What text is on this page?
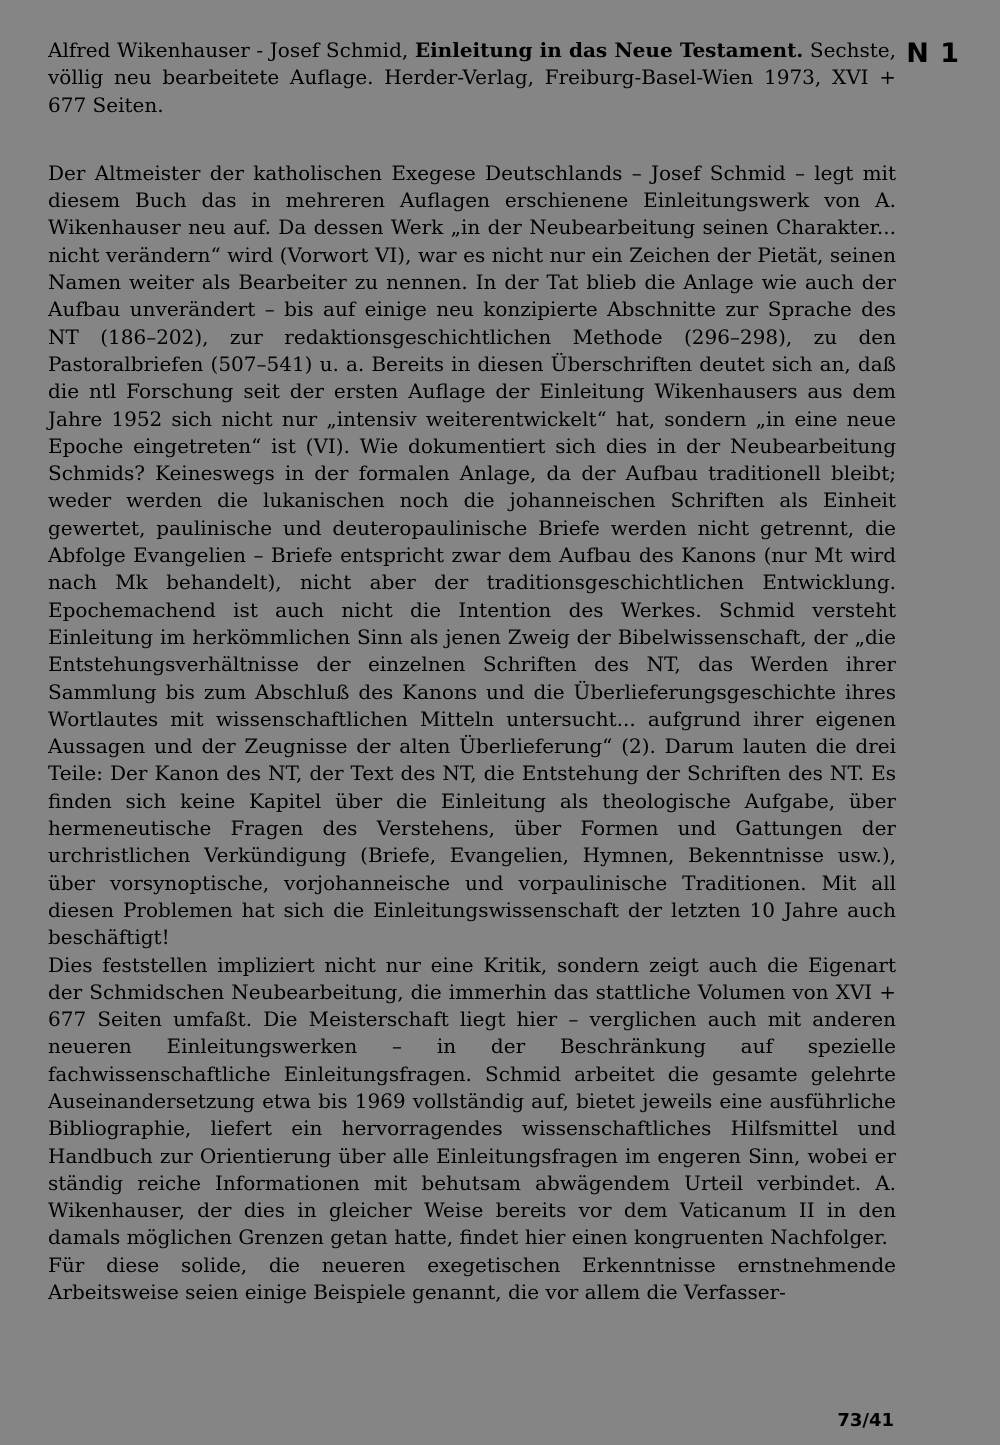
N 1

Alfred Wikenhauser - Josef Schmid, Einleitung in das Neue Testament. Sechste, völlig neu bearbeitete Auflage. Herder-Verlag, Freiburg-Basel-Wien 1973, XVI + 677 Seiten.

Der Altmeister der katholischen Exegese Deutschlands – Josef Schmid – legt mit diesem Buch das in mehreren Auflagen erschienene Einleitungswerk von A. Wikenhauser neu auf. Da dessen Werk „in der Neubearbeitung seinen Charakter... nicht verändern“ wird (Vorwort VI), war es nicht nur ein Zeichen der Pietät, seinen Namen weiter als Bearbeiter zu nennen. In der Tat blieb die Anlage wie auch der Aufbau unverändert – bis auf einige neu konzipierte Abschnitte zur Sprache des NT (186–202), zur redaktionsgeschichtlichen Methode (296–298), zu den Pastoralbriefen (507–541) u. a. Bereits in diesen Überschriften deutet sich an, daß die ntl Forschung seit der ersten Auflage der Einleitung Wikenhausers aus dem Jahre 1952 sich nicht nur „intensiv weiterentwickelt“ hat, sondern „in eine neue Epoche eingetreten“ ist (VI). Wie dokumentiert sich dies in der Neubearbeitung Schmids? Keineswegs in der formalen Anlage, da der Aufbau traditionell bleibt; weder werden die lukanischen noch die johanneischen Schriften als Einheit gewertet, paulinische und deuteropaulinische Briefe werden nicht getrennt, die Abfolge Evangelien – Briefe entspricht zwar dem Aufbau des Kanons (nur Mt wird nach Mk behandelt), nicht aber der traditionsgeschichtlichen Entwicklung. Epochemachend ist auch nicht die Intention des Werkes. Schmid versteht Einleitung im herkömmlichen Sinn als jenen Zweig der Bibelwissenschaft, der „die Entstehungsverhältnisse der einzelnen Schriften des NT, das Werden ihrer Sammlung bis zum Abschluß des Kanons und die Überlieferungsgeschichte ihres Wortlautes mit wissenschaftlichen Mitteln untersucht... aufgrund ihrer eigenen Aussagen und der Zeugnisse der alten Überlieferung“ (2). Darum lauten die drei Teile: Der Kanon des NT, der Text des NT, die Entstehung der Schriften des NT. Es finden sich keine Kapitel über die Einleitung als theologische Aufgabe, über hermeneutische Fragen des Verstehens, über Formen und Gattungen der urchristlichen Verkündigung (Briefe, Evangelien, Hymnen, Bekenntnisse usw.), über vorsynoptische, vorjohanneische und vorpaulinische Traditionen. Mit all diesen Problemen hat sich die Einleitungswissenschaft der letzten 10 Jahre auch beschäftigt!

Dies feststellen impliziert nicht nur eine Kritik, sondern zeigt auch die Eigenart der Schmidschen Neubearbeitung, die immerhin das stattliche Volumen von XVI + 677 Seiten umfaßt. Die Meisterschaft liegt hier – verglichen auch mit anderen neueren Einleitungswerken – in der Beschränkung auf spezielle fachwissenschaftliche Einleitungsfragen. Schmid arbeitet die gesamte gelehrte Auseinandersetzung etwa bis 1969 vollständig auf, bietet jeweils eine ausführliche Bibliographie, liefert ein hervorragendes wissenschaftliches Hilfsmittel und Handbuch zur Orientierung über alle Einleitungsfragen im engeren Sinn, wobei er ständig reiche Informationen mit behutsam abwägendem Urteil verbindet. A. Wikenhauser, der dies in gleicher Weise bereits vor dem Vaticanum II in den damals möglichen Grenzen getan hatte, findet hier einen kongruenten Nachfolger.

Für diese solide, die neueren exegetischen Erkenntnisse ernstnehmende Arbeitsweise seien einige Beispiele genannt, die vor allem die Verfasser-

73/41
